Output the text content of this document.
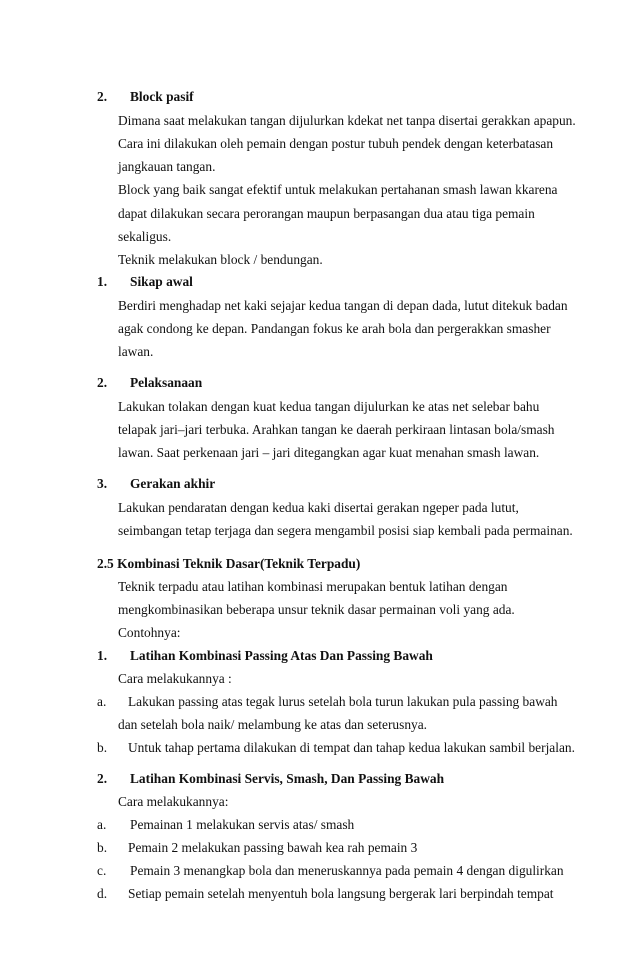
2. Block pasif
Dimana saat melakukan tangan dijulurkan kdekat net tanpa disertai gerakkan apapun.
Cara ini dilakukan oleh pemain dengan postur tubuh pendek dengan keterbatasan
jangkauan tangan.
Block yang baik sangat efektif untuk melakukan pertahanan smash lawan kkarena
dapat dilakukan secara perorangan maupun berpasangan dua atau tiga pemain
sekaligus.
Teknik melakukan block / bendungan.
1. Sikap awal
Berdiri menghadap net kaki sejajar kedua tangan di depan dada, lutut ditekuk badan
agak condong ke depan. Pandangan fokus ke arah bola dan pergerakkan smasher
lawan.
2. Pelaksanaan
Lakukan tolakan dengan kuat kedua tangan dijulurkan ke atas net selebar bahu
telapak jari–jari terbuka. Arahkan tangan ke daerah perkiraan lintasan bola/smash
lawan. Saat perkenaan jari – jari ditegangkan agar kuat menahan smash lawan.
3. Gerakan akhir
Lakukan pendaratan dengan kedua kaki disertai gerakan ngeper pada lutut,
seimbangan tetap terjaga dan segera mengambil posisi siap kembali pada permainan.
2.5 Kombinasi Teknik Dasar(Teknik Terpadu)
Teknik terpadu atau latihan kombinasi merupakan bentuk latihan dengan
mengkombinasikan beberapa unsur teknik dasar permainan voli yang ada.
Contohnya:
1. Latihan Kombinasi Passing Atas Dan Passing Bawah
Cara melakukannya :
a. Lakukan passing atas tegak lurus setelah bola turun lakukan pula passing bawah
dan setelah bola naik/ melambung ke atas dan seterusnya.
b. Untuk tahap pertama dilakukan di tempat dan tahap kedua lakukan sambil berjalan.
2. Latihan Kombinasi Servis, Smash, Dan Passing Bawah
Cara melakukannya:
a. Pemainan 1 melakukan servis atas/ smash
b. Pemain 2 melakukan passing bawah kea rah pemain 3
c. Pemain 3 menangkap bola dan meneruskannya pada pemain 4 dengan digulirkan
d. Setiap pemain setelah menyentuh bola langsung bergerak lari berpindah tempat
